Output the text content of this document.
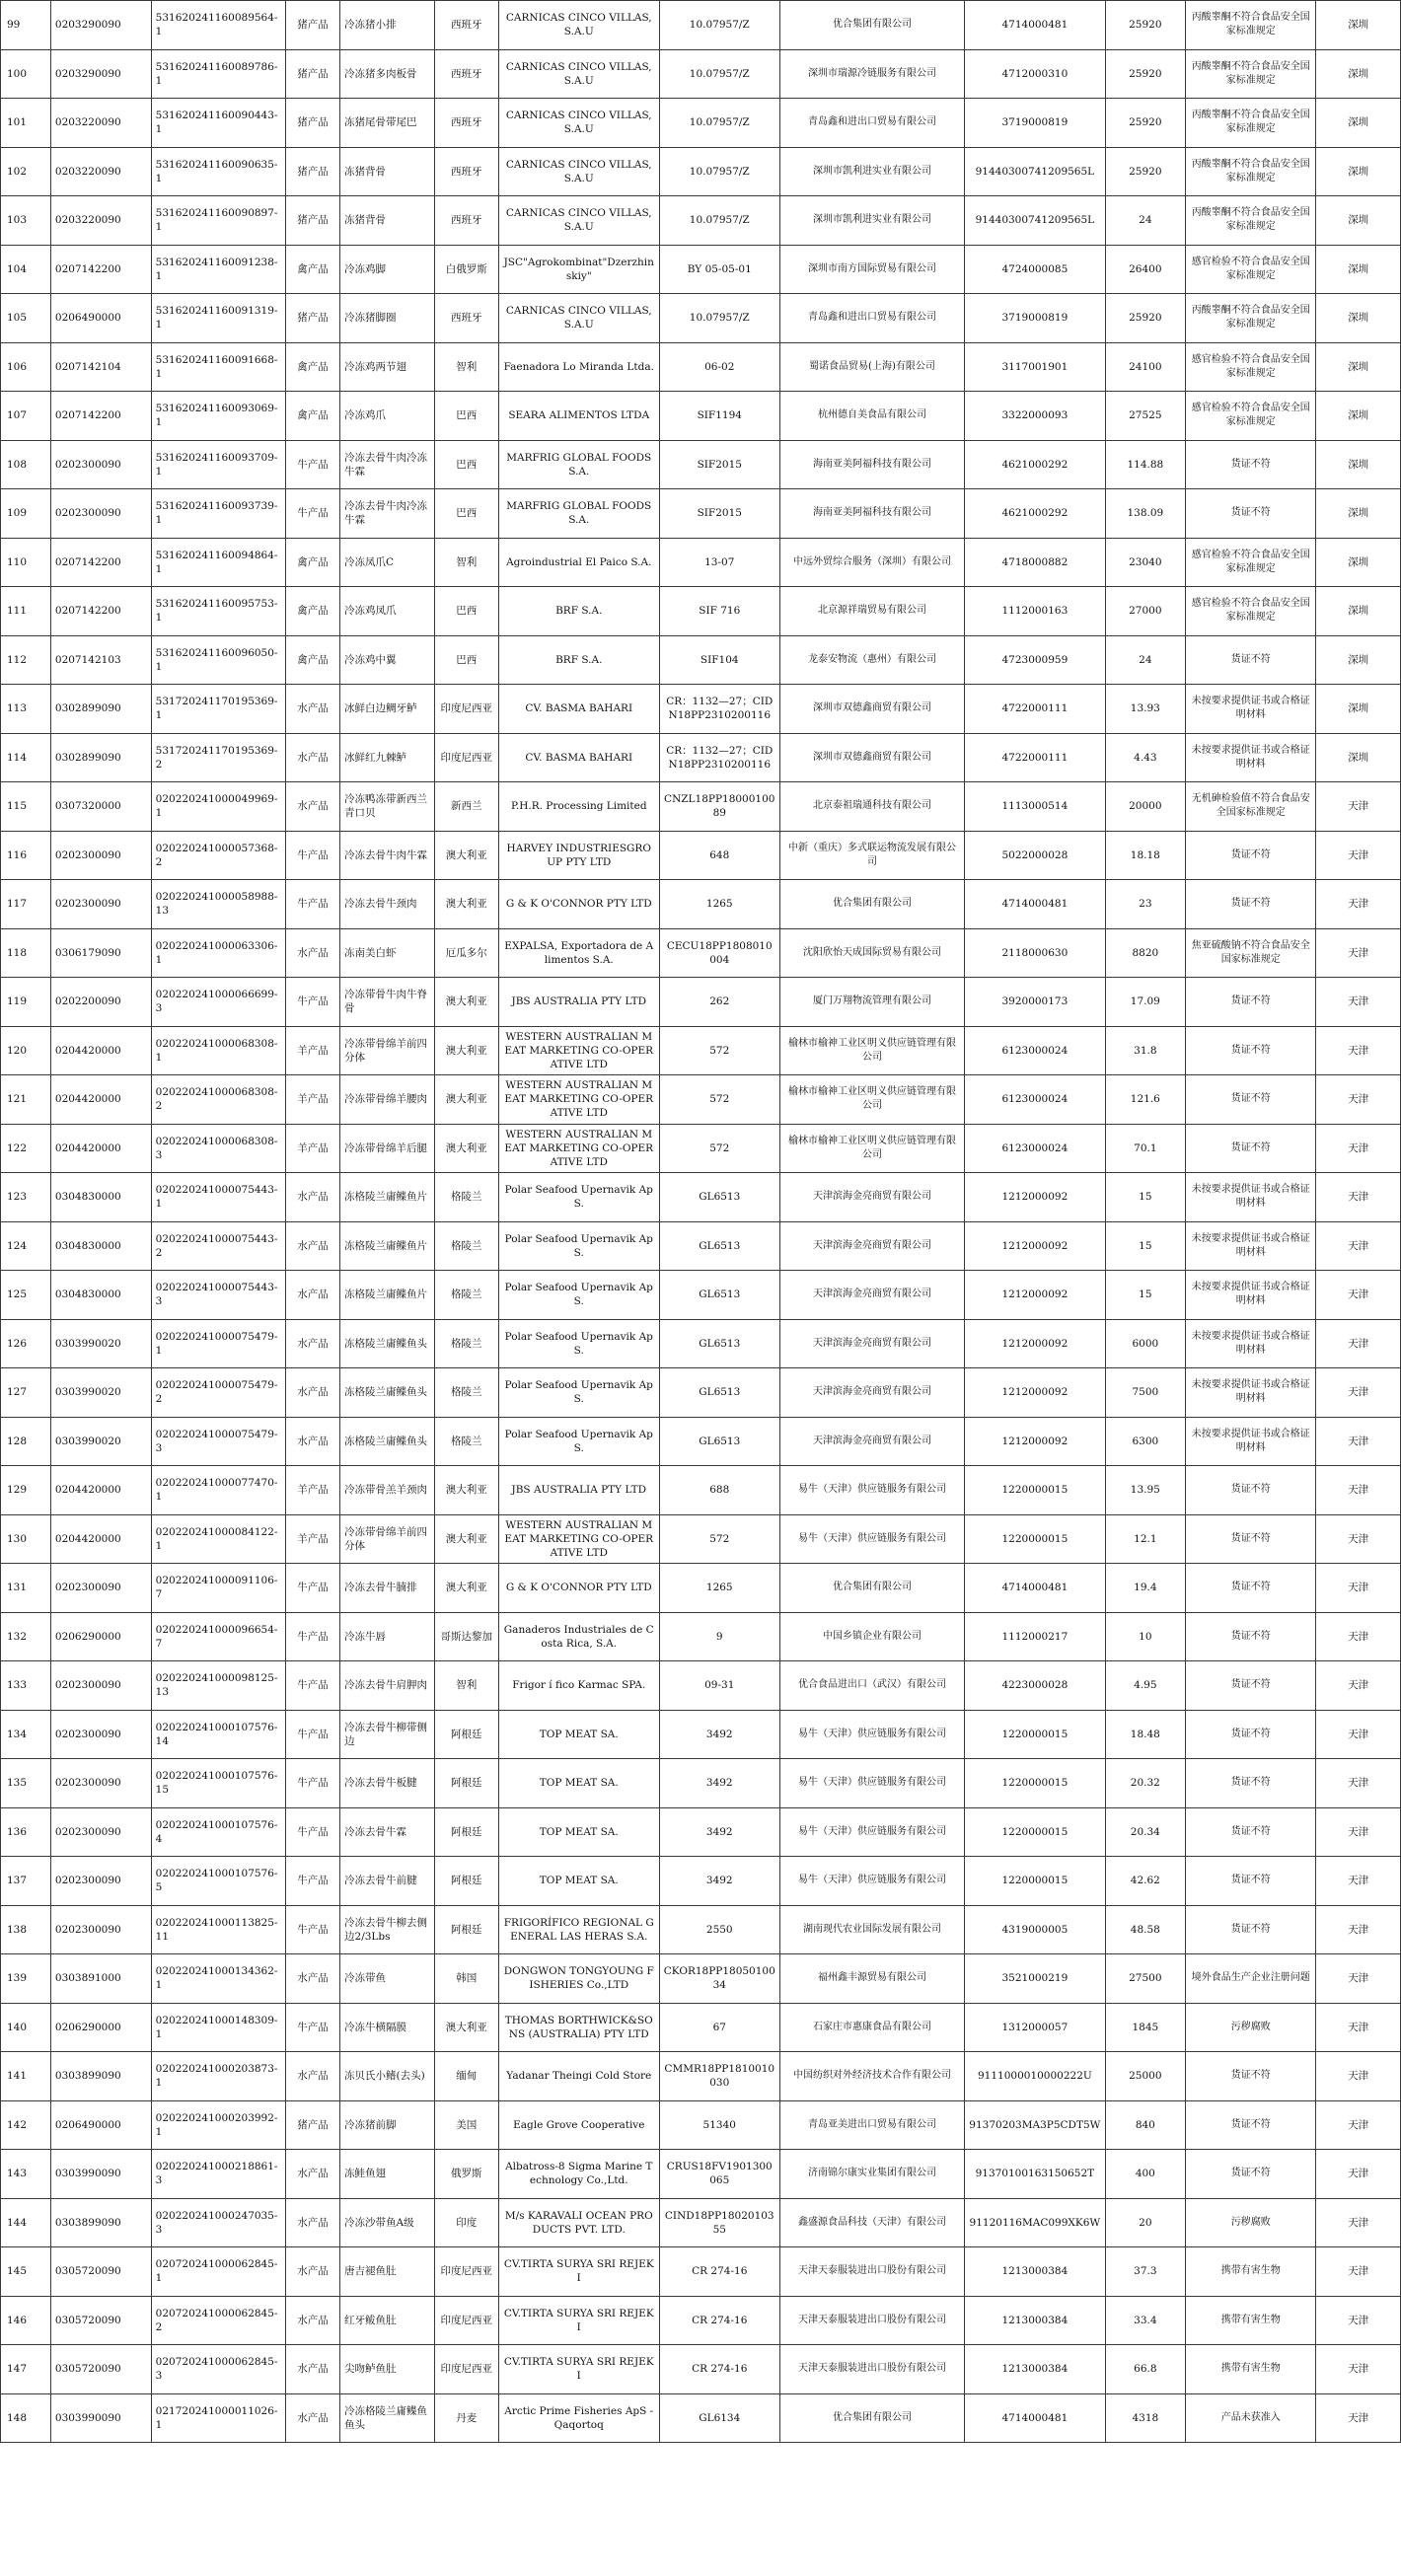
99	0203290090	531620241160089564-1	猪产品	冷冻猪小排	西班牙	CARNICAS CINCO VILLAS, S.A.U	10.07957/Z	优合集团有限公司	4714000481	25920	丙酸睾酮不符合食品安全国家标准规定	深圳
100	0203290090	531620241160089786-1	猪产品	冷冻猪多肉板骨	西班牙	CARNICAS CINCO VILLAS, S.A.U	10.07957/Z	深圳市瑞源冷链服务有限公司	4712000310	25920	丙酸睾酮不符合食品安全国家标准规定	深圳
101	0203220090	531620241160090443-1	猪产品	冻猪尾骨带尾巴	西班牙	CARNICAS CINCO VILLAS, S.A.U	10.07957/Z	青岛鑫和进出口贸易有限公司	3719000819	25920	丙酸睾酮不符合食品安全国家标准规定	深圳
102	0203220090	531620241160090635-1	猪产品	冻猪背骨	西班牙	CARNICAS CINCO VILLAS, S.A.U	10.07957/Z	深圳市凯利进实业有限公司	91440300741209565L	25920	丙酸睾酮不符合食品安全国家标准规定	深圳
103	0203220090	531620241160090897-1	猪产品	冻猪背骨	西班牙	CARNICAS CINCO VILLAS, S.A.U	10.07957/Z	深圳市凯利进实业有限公司	91440300741209565L	24	丙酸睾酮不符合食品安全国家标准规定	深圳
104	0207142200	531620241160091238-1	禽产品	冷冻鸡脚	白俄罗斯	JSC"Agrokombinat"Dzerzhinskiy"	BY 05-05-01	深圳市南方国际贸易有限公司	4724000085	26400	感官检验不符合食品安全国家标准规定	深圳
105	0206490000	531620241160091319-1	猪产品	冷冻猪脚圈	西班牙	CARNICAS CINCO VILLAS, S.A.U	10.07957/Z	青岛鑫和进出口贸易有限公司	3719000819	25920	丙酸睾酮不符合食品安全国家标准规定	深圳
106	0207142104	531620241160091668-1	禽产品	冷冻鸡两节翅	智利	Faenadora Lo Miranda Ltda.	06-02	蜀诺食品贸易(上海)有限公司	3117001901	24100	感官检验不符合食品安全国家标准规定	深圳
107	0207142200	531620241160093069-1	禽产品	冷冻鸡爪	巴西	SEARA ALIMENTOS LTDA	SIF1194	杭州德自美食品有限公司	3322000093	27525	感官检验不符合食品安全国家标准规定	深圳
108	0202300090	531620241160093709-1	牛产品	冷冻去骨牛肉冷冻牛霖	巴西	MARFRIG GLOBAL FOODS S.A.	SIF2015	海南亚美阿福科技有限公司	4621000292	114.88	货证不符	深圳
109	0202300090	531620241160093739-1	牛产品	冷冻去骨牛肉冷冻牛霖	巴西	MARFRIG GLOBAL FOODS S.A.	SIF2015	海南亚美阿福科技有限公司	4621000292	138.09	货证不符	深圳
110	0207142200	531620241160094864-1	禽产品	冷冻凤爪C	智利	Agroindustrial El Paico S.A.	13-07	中远外贸综合服务（深圳）有限公司	4718000882	23040	感官检验不符合食品安全国家标准规定	深圳
111	0207142200	531620241160095753-1	禽产品	冷冻鸡凤爪	巴西	BRF S.A.	SIF 716	北京源祥瑞贸易有限公司	1112000163	27000	感官检验不符合食品安全国家标准规定	深圳
112	0207142103	531620241160096050-1	禽产品	冷冻鸡中翼	巴西	BRF S.A.	SIF104	龙泰安物流（惠州）有限公司	4723000959	24	货证不符	深圳
113	0302899090	531720241170195369-1	水产品	冰鲜白边鲷牙鲈	印度尼西亚	CV. BASMA BAHARI	CR：1132—27；CIDN18PP2310200116	深圳市双德鑫商贸有限公司	4722000111	13.93	未按要求提供证书或合格证明材料	深圳
114	0302899090	531720241170195369-2	水产品	冰鲜红九棘鲈	印度尼西亚	CV. BASMA BAHARI	CR：1132—27；CIDN18PP2310200116	深圳市双德鑫商贸有限公司	4722000111	4.43	未按要求提供证书或合格证明材料	深圳
115	0307320000	020220241000049969-1	水产品	冷冻鸭冻带新西兰青口贝	新西兰	P.H.R. Processing Limited	CNZL18PP1800010089	北京泰祖瑞通科技有限公司	1113000514	20000	无机砷检验值不符合食品安全国家标准规定	天津
116	0202300090	020220241000057368-2	牛产品	冷冻去骨牛肉牛霖	澳大利亚	HARVEY INDUSTRIESGROUP PTY LTD	648	中新（重庆）多式联运物流发展有限公司	5022000028	18.18	货证不符	天津
117	0202300090	020220241000058988-13	牛产品	冷冻去骨牛颈肉	澳大利亚	G & K O'CONNOR PTY LTD	1265	优合集团有限公司	4714000481	23	货证不符	天津
118	0306179090	020220241000063306-1	水产品	冻南美白虾	厄瓜多尔	EXPALSA, Exportadora de Alimentos S.A.	CECU18PP1808010004	沈阳欣怡天成国际贸易有限公司	2118000630	8820	焦亚硫酸钠不符合食品安全国家标准规定	天津
119	0202200090	020220241000066699-3	牛产品	冷冻带骨牛肉牛脊骨	澳大利亚	JBS AUSTRALIA PTY LTD	262	厦门万翔物流管理有限公司	3920000173	17.09	货证不符	天津
120	0204420000	020220241000068308-1	羊产品	冷冻带骨绵羊前四分体	澳大利亚	WESTERN AUSTRALIAN MEAT MARKETING CO-OPERATIVE LTD	572	榆林市榆神工业区明义供应链管理有限公司	6123000024	31.8	货证不符	天津
121	0204420000	020220241000068308-2	羊产品	冷冻带骨绵羊腰肉	澳大利亚	WESTERN AUSTRALIAN MEAT MARKETING CO-OPERATIVE LTD	572	榆林市榆神工业区明义供应链管理有限公司	6123000024	121.6	货证不符	天津
122	0204420000	020220241000068308-3	羊产品	冷冻带骨绵羊后腿	澳大利亚	WESTERN AUSTRALIAN MEAT MARKETING CO-OPERATIVE LTD	572	榆林市榆神工业区明义供应链管理有限公司	6123000024	70.1	货证不符	天津
123	0304830000	020220241000075443-1	水产品	冻格陵兰庸鲽鱼片	格陵兰	Polar Seafood Upernavik ApS.	GL6513	天津滨海金亮商贸有限公司	1212000092	15	未按要求提供证书或合格证明材料	天津
124	0304830000	020220241000075443-2	水产品	冻格陵兰庸鲽鱼片	格陵兰	Polar Seafood Upernavik ApS.	GL6513	天津滨海金亮商贸有限公司	1212000092	15	未按要求提供证书或合格证明材料	天津
125	0304830000	020220241000075443-3	水产品	冻格陵兰庸鲽鱼片	格陵兰	Polar Seafood Upernavik ApS.	GL6513	天津滨海金亮商贸有限公司	1212000092	15	未按要求提供证书或合格证明材料	天津
126	0303990020	020220241000075479-1	水产品	冻格陵兰庸鲽鱼头	格陵兰	Polar Seafood Upernavik ApS.	GL6513	天津滨海金亮商贸有限公司	1212000092	6000	未按要求提供证书或合格证明材料	天津
127	0303990020	020220241000075479-2	水产品	冻格陵兰庸鲽鱼头	格陵兰	Polar Seafood Upernavik ApS.	GL6513	天津滨海金亮商贸有限公司	1212000092	7500	未按要求提供证书或合格证明材料	天津
128	0303990020	020220241000075479-3	水产品	冻格陵兰庸鲽鱼头	格陵兰	Polar Seafood Upernavik ApS.	GL6513	天津滨海金亮商贸有限公司	1212000092	6300	未按要求提供证书或合格证明材料	天津
129	0204420000	020220241000077470-1	羊产品	冷冻带骨羔羊颈肉	澳大利亚	JBS AUSTRALIA PTY LTD	688	易牛（天津）供应链服务有限公司	1220000015	13.95	货证不符	天津
130	0204420000	020220241000084122-1	羊产品	冷冻带骨绵羊前四分体	澳大利亚	WESTERN AUSTRALIAN MEAT MARKETING CO-OPERATIVE LTD	572	易牛（天津）供应链服务有限公司	1220000015	12.1	货证不符	天津
131	0202300090	020220241000091106-7	牛产品	冷冻去骨牛腩排	澳大利亚	G & K O'CONNOR PTY LTD	1265	优合集团有限公司	4714000481	19.4	货证不符	天津
132	0206290000	020220241000096654-7	牛产品	冷冻牛唇	哥斯达黎加	Ganaderos Industriales de Costa Rica, S.A.	9	中国乡镇企业有限公司	1112000217	10	货证不符	天津
133	0202300090	020220241000098125-13	牛产品	冷冻去骨牛肩胛肉	智利	Frigor í fico Karmac SPA.	09-31	优合食品进出口（武汉）有限公司	4223000028	4.95	货证不符	天津
134	0202300090	020220241000107576-14	牛产品	冷冻去骨牛柳带侧边	阿根廷	TOP MEAT SA.	3492	易牛（天津）供应链服务有限公司	1220000015	18.48	货证不符	天津
135	0202300090	020220241000107576-15	牛产品	冷冻去骨牛板腱	阿根廷	TOP MEAT SA.	3492	易牛（天津）供应链服务有限公司	1220000015	20.32	货证不符	天津
136	0202300090	020220241000107576-4	牛产品	冷冻去骨牛霖	阿根廷	TOP MEAT SA.	3492	易牛（天津）供应链服务有限公司	1220000015	20.34	货证不符	天津
137	0202300090	020220241000107576-5	牛产品	冷冻去骨牛前腱	阿根廷	TOP MEAT SA.	3492	易牛（天津）供应链服务有限公司	1220000015	42.62	货证不符	天津
138	0202300090	020220241000113825-11	牛产品	冷冻去骨牛柳去侧边2/3Lbs	阿根廷	FRIGORÍFICO REGIONAL GENERAL LAS HERAS S.A.	2550	湖南现代农业国际发展有限公司	4319000005	48.58	货证不符	天津
139	0303891000	020220241000134362-1	水产品	冷冻带鱼	韩国	DONGWON TONGYOUNG FISHERIES Co.,LTD	CKOR18PP1805010034	福州鑫丰源贸易有限公司	3521000219	27500	境外食品生产企业注册问题	天津
140	0206290000	020220241000148309-1	牛产品	冷冻牛横隔膜	澳大利亚	THOMAS BORTHWICK&SONS (AUSTRALIA) PTY LTD	67	石家庄市惠康食品有限公司	1312000057	1845	污秽腐败	天津
141	0303899090	020220241000203873-1	水产品	冻贝氏小鳍(去头)	缅甸	Yadanar Theingi Cold Store	CMMR18PP1810010030	中国纺织对外经济技术合作有限公司	9111000010000222U	25000	货证不符	天津
142	0206490000	020220241000203992-1	猪产品	冷冻猪前脚	美国	Eagle Grove Cooperative	51340	青岛亚美进出口贸易有限公司	91370203MA3P5CDT5W	840	货证不符	天津
143	0303990090	020220241000218861-3	水产品	冻鲑鱼翅	俄罗斯	Albatross-8 Sigma Marine Technology Co.,Ltd.	CRUS18FV1901300065	济南锦尔康实业集团有限公司	91370100163150652T	400	货证不符	天津
144	0303899090	020220241000247035-3	水产品	冷冻沙带鱼A级	印度	M/s KARAVALI OCEAN PRODUCTS PVT. LTD.	CIND18PP1802010355	鑫盛源食品科技（天津）有限公司	91120116MAC099XK6W	20	污秽腐败	天津
145	0305720090	020720241000062845-1	水产品	唐吉褪鱼肚	印度尼西亚	CV.TIRTA SURYA SRI REJEKI	CR 274-16	天津天泰服装进出口股份有限公司	1213000384	37.3	携带有害生物	天津
146	0305720090	020720241000062845-2	水产品	红牙鲅鱼肚	印度尼西亚	CV.TIRTA SURYA SRI REJEKI	CR 274-16	天津天泰服装进出口股份有限公司	1213000384	33.4	携带有害生物	天津
147	0305720090	020720241000062845-3	水产品	尖吻鲈鱼肚	印度尼西亚	CV.TIRTA SURYA SRI REJEKI	CR 274-16	天津天泰服装进出口股份有限公司	1213000384	66.8	携带有害生物	天津
148	0303990090	021720241000011026-1	水产品	冷冻格陵兰庸鲽鱼鱼头	丹麦	Arctic Prime Fisheries ApS - Qaqortoq	GL6134	优合集团有限公司	4714000481	4318	产品未获准入	天津
